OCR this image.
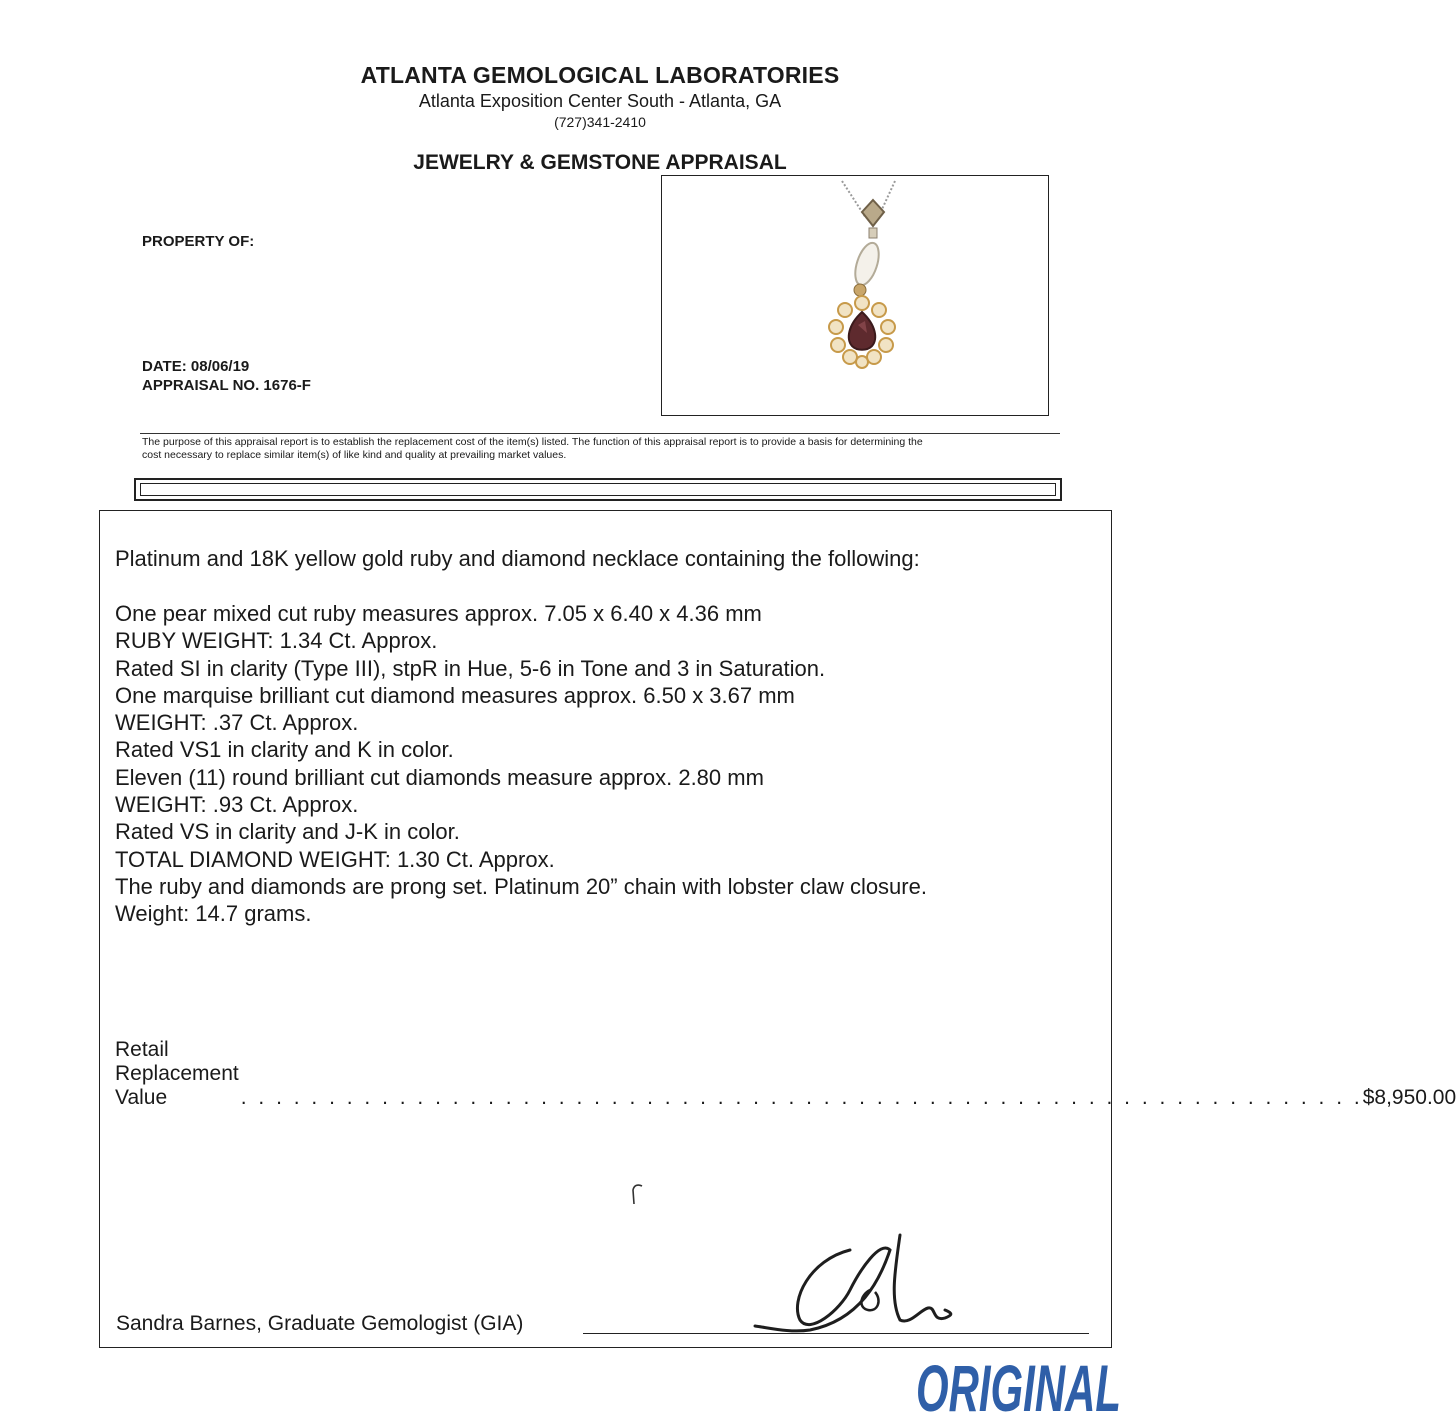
ATLANTA GEMOLOGICAL LABORATORIES
Atlanta Exposition Center South - Atlanta, GA
(727)341-2410
JEWELRY & GEMSTONE APPRAISAL
PROPERTY OF:
DATE: 08/06/19
APPRAISAL NO. 1676-F
The purpose of this appraisal report is to establish the replacement cost of the item(s) listed. The function of this appraisal report is to provide a basis for determining the
cost necessary to replace similar item(s) of like kind and quality at prevailing market values.
Platinum and 18K yellow gold ruby and diamond necklace containing the following:
One pear mixed cut ruby measures approx. 7.05 x 6.40 x 4.36 mm
RUBY WEIGHT: 1.34 Ct. Approx.
Rated SI in clarity (Type III), stpR in Hue, 5-6 in Tone and 3 in Saturation.
One marquise brilliant cut diamond measures approx. 6.50 x 3.67 mm
WEIGHT: .37 Ct. Approx.
Rated VS1 in clarity and K in color.
Eleven (11) round brilliant cut diamonds measure approx. 2.80 mm
WEIGHT: .93 Ct. Approx.
Rated VS in clarity and J-K in color.
TOTAL DIAMOND WEIGHT: 1.30 Ct. Approx.
The ruby and diamonds are prong set. Platinum 20” chain with lobster claw closure.
Weight: 14.7 grams.
Retail Replacement Value	. . . . . . . . . . . . . . . . . . . . . . . . . . . . . . . . . . . . . . . . . . . . . . . . . . . . . . . . . . . . . . . . $8,950.00
Sandra Barnes, Graduate Gemologist (GIA)
ORIGINAL
